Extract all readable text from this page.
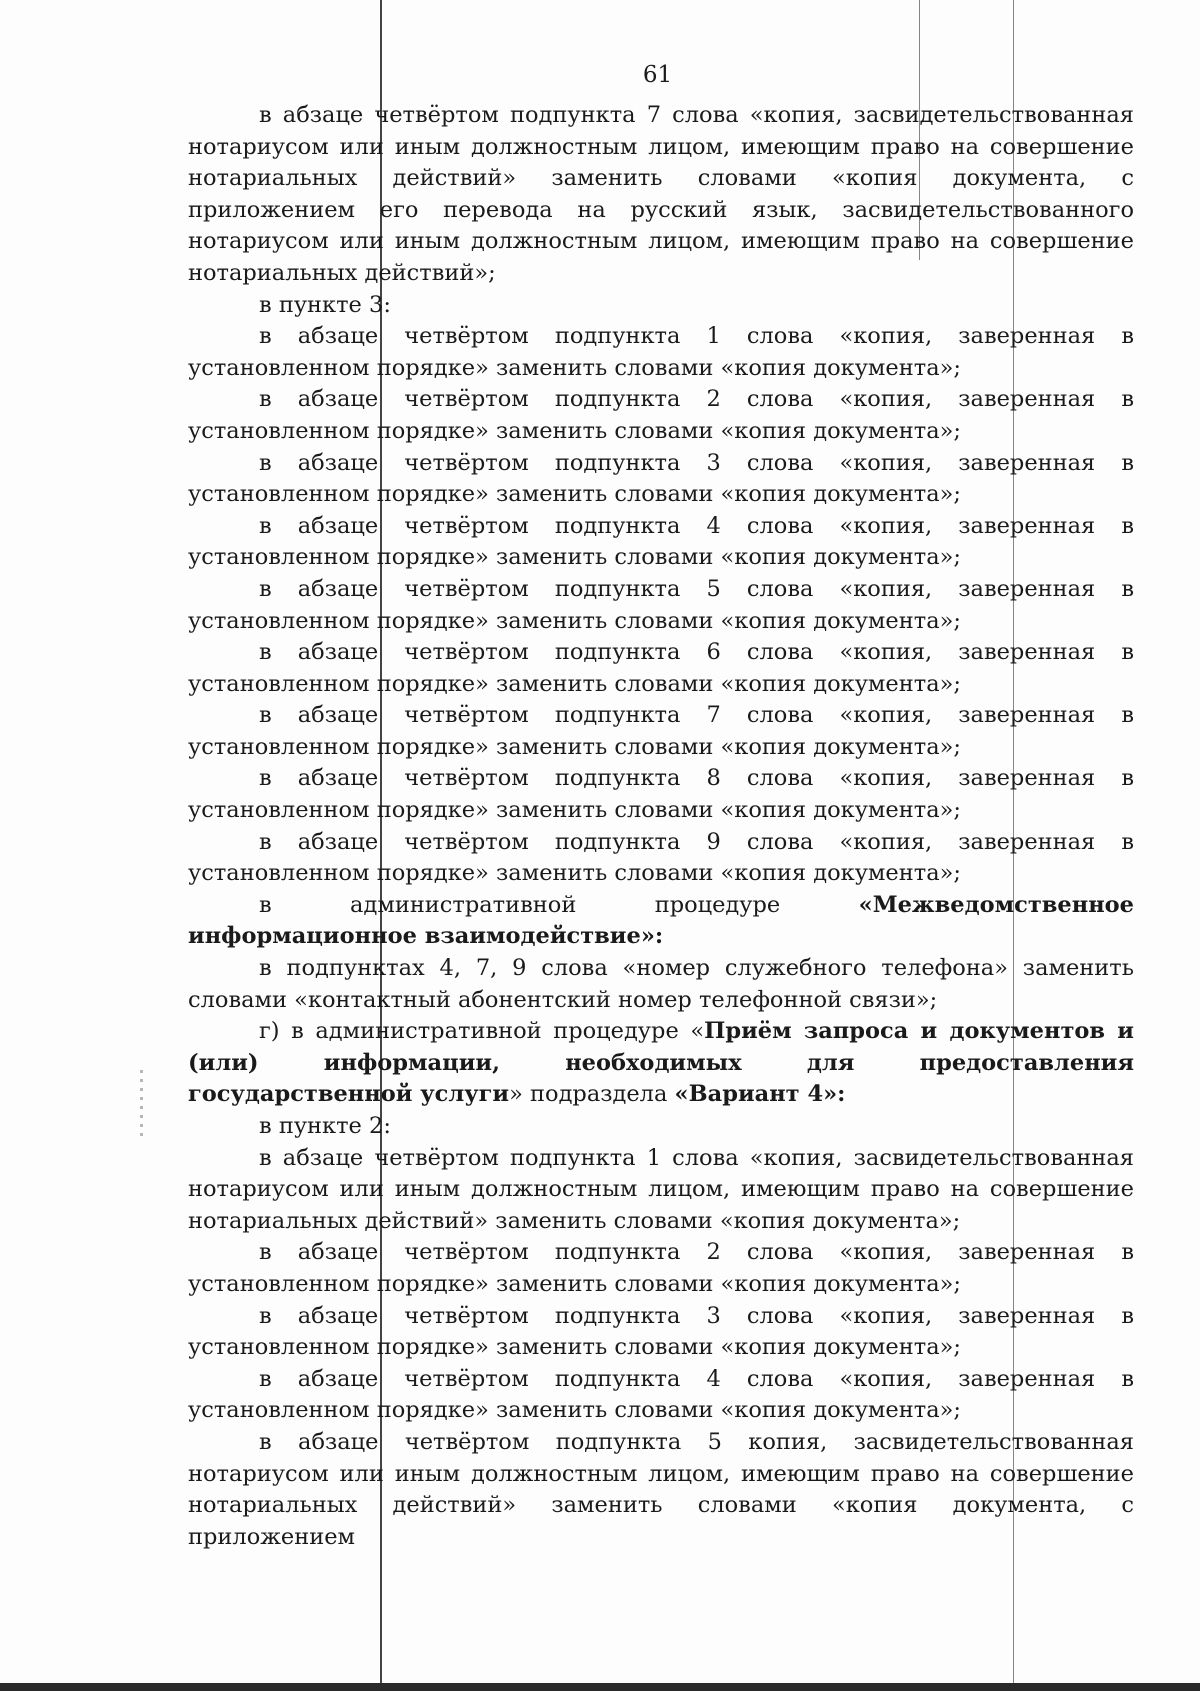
61

в абзаце четвёртом подпункта 7 слова «копия, засвидетельствованная нотариусом или иным должностным лицом, имеющим право на совершение нотариальных действий» заменить словами «копия документа, с приложением его перевода на русский язык, засвидетельствованного нотариусом или иным должностным лицом, имеющим право на совершение нотариальных действий»;

в пункте 3:

в абзаце четвёртом подпункта 1 слова «копия, заверенная в установленном порядке» заменить словами «копия документа»;

в абзаце четвёртом подпункта 2 слова «копия, заверенная в установленном порядке» заменить словами «копия документа»;

в абзаце четвёртом подпункта 3 слова «копия, заверенная в установленном порядке» заменить словами «копия документа»;

в абзаце четвёртом подпункта 4 слова «копия, заверенная в установленном порядке» заменить словами «копия документа»;

в абзаце четвёртом подпункта 5 слова «копия, заверенная в установленном порядке» заменить словами «копия документа»;

в абзаце четвёртом подпункта 6 слова «копия, заверенная в установленном порядке» заменить словами «копия документа»;

в абзаце четвёртом подпункта 7 слова «копия, заверенная в установленном порядке» заменить словами «копия документа»;

в абзаце четвёртом подпункта 8 слова «копия, заверенная в установленном порядке» заменить словами «копия документа»;

в абзаце четвёртом подпункта 9 слова «копия, заверенная в установленном порядке» заменить словами «копия документа»;

в административной процедуре «Межведомственное информационное взаимодействие»:

в подпунктах 4, 7, 9 слова «номер служебного телефона» заменить словами «контактный абонентский номер телефонной связи»;

г) в административной процедуре «Приём запроса и документов и (или) информации, необходимых для предоставления государственной услуги» подраздела «Вариант 4»:

в пункте 2:

в абзаце четвёртом подпункта 1 слова «копия, засвидетельствованная нотариусом или иным должностным лицом, имеющим право на совершение нотариальных действий» заменить словами «копия документа»;

в абзаце четвёртом подпункта 2 слова «копия, заверенная в установленном порядке» заменить словами «копия документа»;

в абзаце четвёртом подпункта 3 слова «копия, заверенная в установленном порядке» заменить словами «копия документа»;

в абзаце четвёртом подпункта 4 слова «копия, заверенная в установленном порядке» заменить словами «копия документа»;

в абзаце четвёртом подпункта 5 копия, засвидетельствованная нотариусом или иным должностным лицом, имеющим право на совершение нотариальных действий» заменить словами «копия документа, с приложением
